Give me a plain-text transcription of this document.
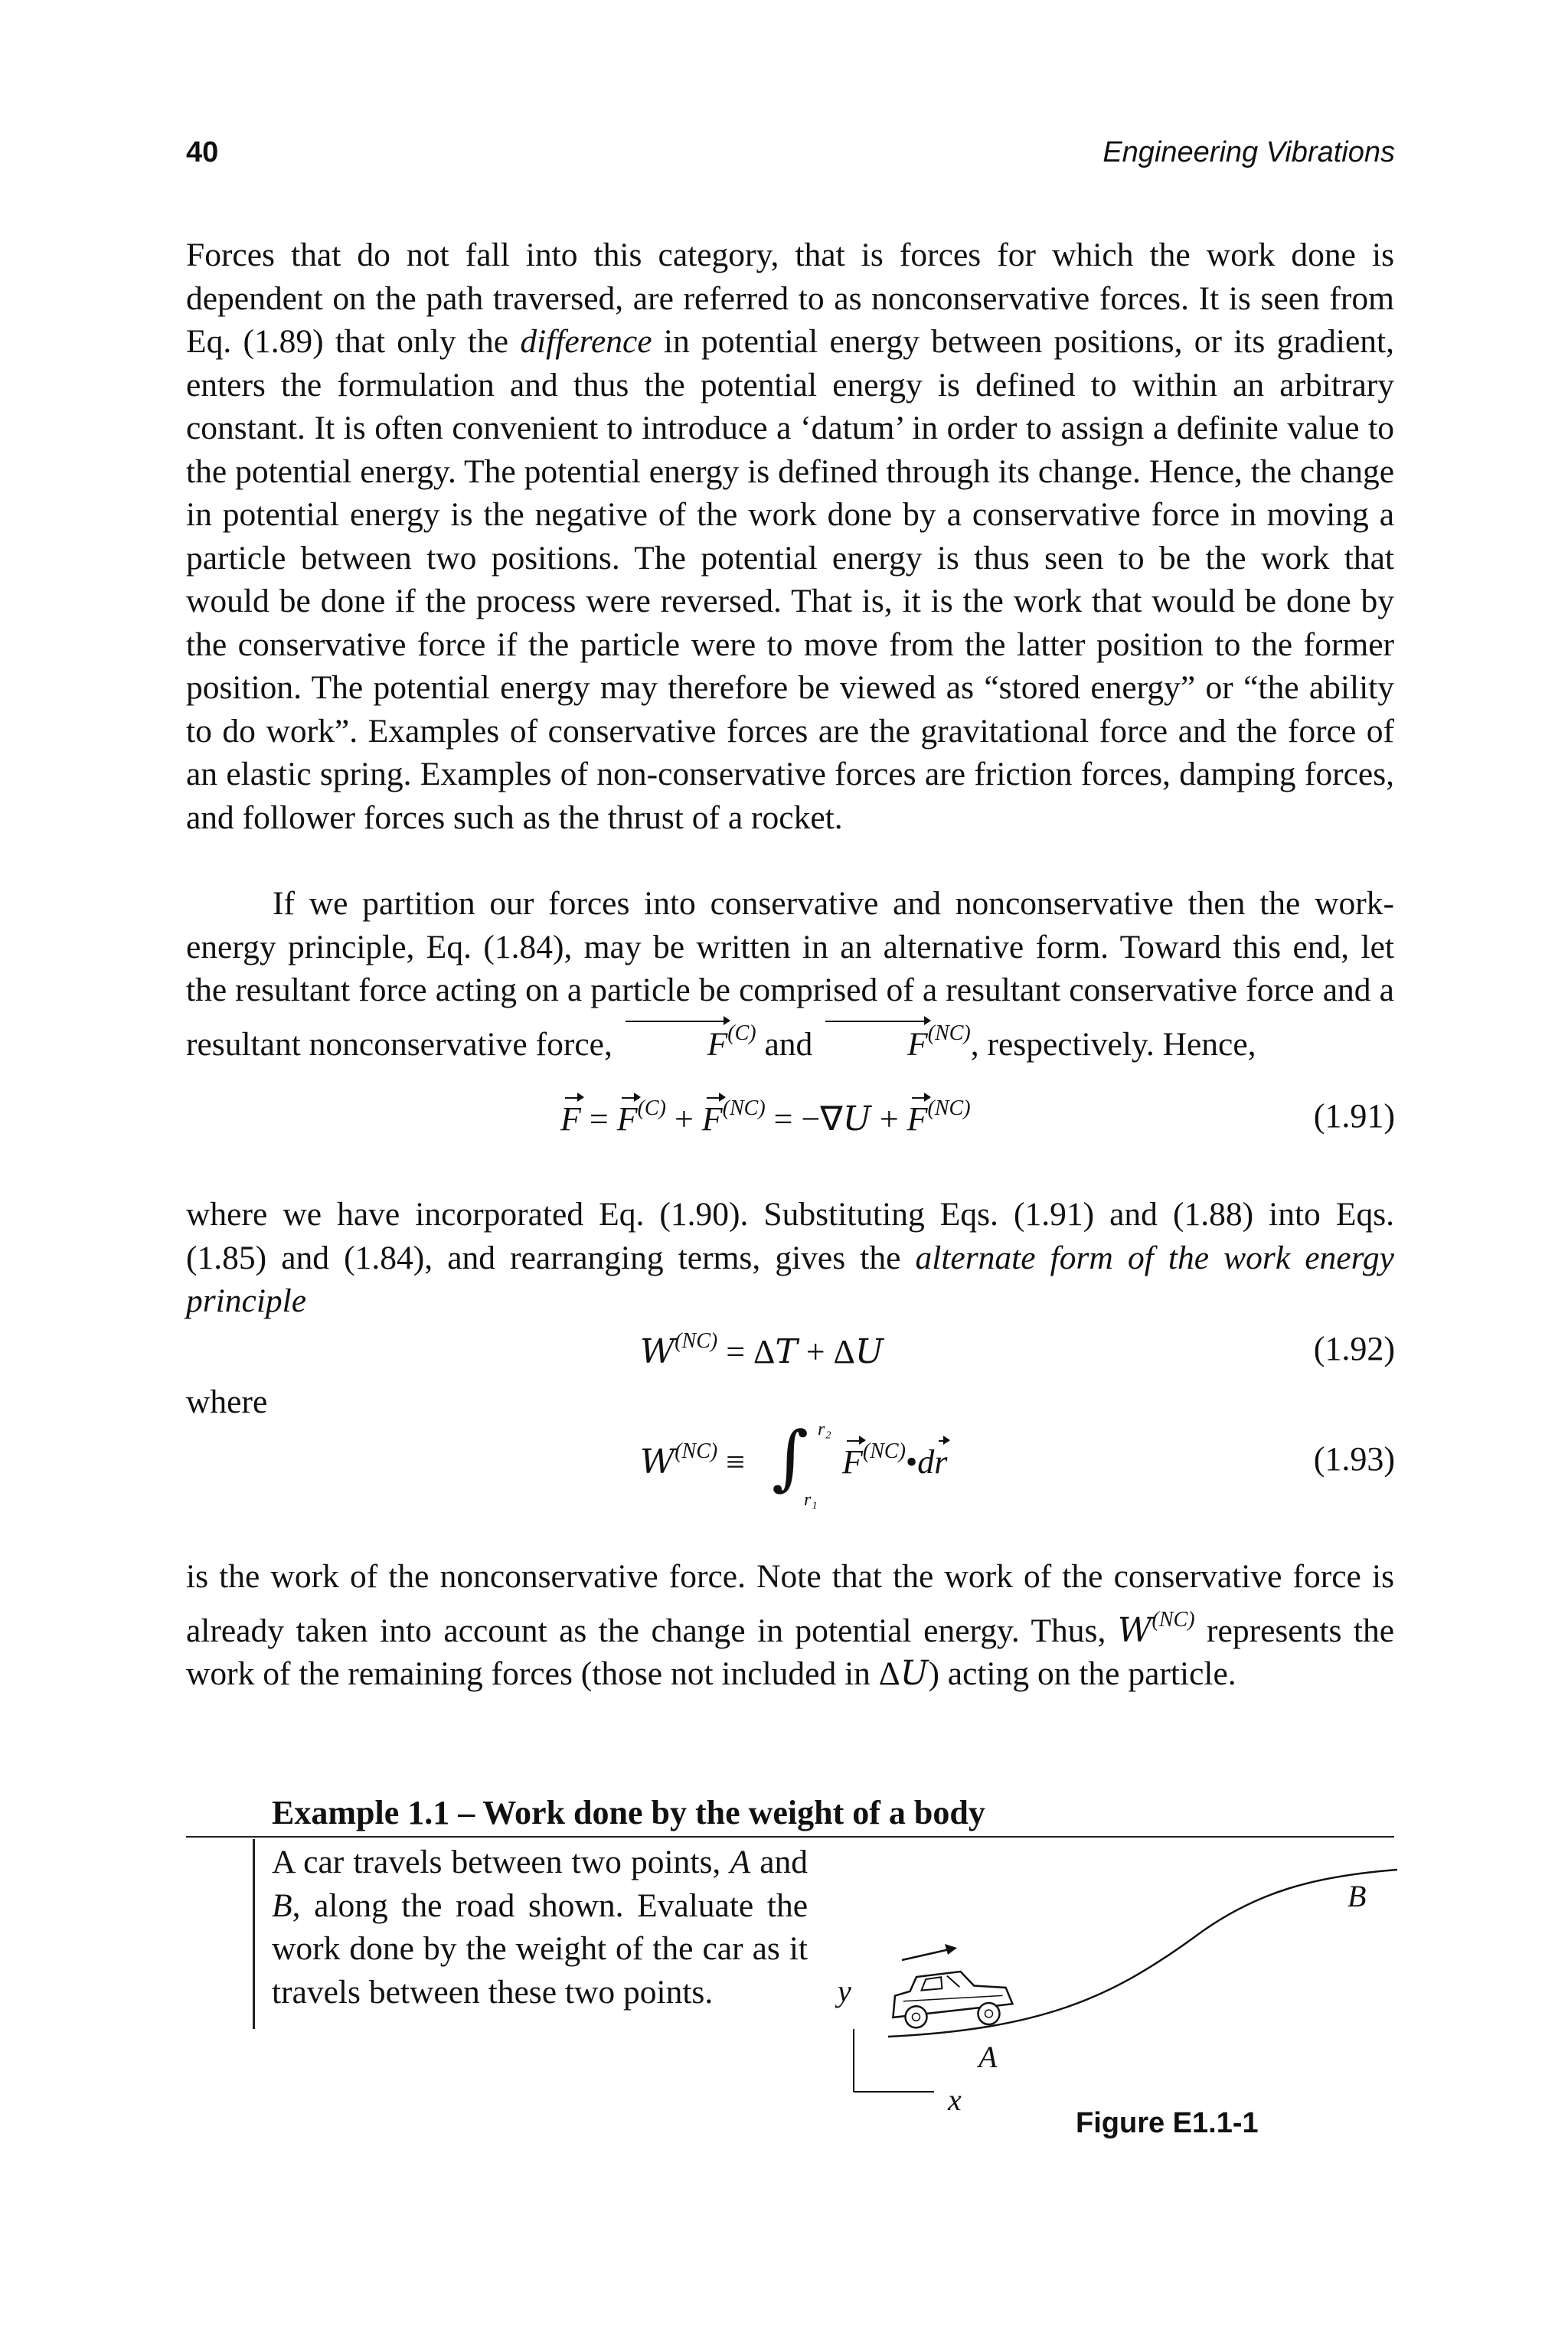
40	Engineering Vibrations
Forces that do not fall into this category, that is forces for which the work done is dependent on the path traversed, are referred to as nonconservative forces. It is seen from Eq. (1.89) that only the difference in potential energy between positions, or its gradient, enters the formulation and thus the potential energy is defined to within an arbitrary constant. It is often convenient to introduce a ‘datum’ in order to assign a definite value to the potential energy. The potential energy is defined through its change. Hence, the change in potential energy is the negative of the work done by a conservative force in moving a particle between two positions. The potential energy is thus seen to be the work that would be done if the process were reversed. That is, it is the work that would be done by the conservative force if the particle were to move from the latter position to the former position. The potential energy may therefore be viewed as “stored energy” or “the ability to do work”. Examples of conservative forces are the gravitational force and the force of an elastic spring. Examples of non-conservative forces are friction forces, damping forces, and follower forces such as the thrust of a rocket.
If we partition our forces into conservative and nonconservative then the work-energy principle, Eq. (1.84), may be written in an alternative form. Toward this end, let the resultant force acting on a particle be comprised of a resultant conservative force and a resultant nonconservative force,	$F^{(C)}$ and	$F^{(NC)}$, respectively. Hence,
$F = F^{(C)} + F^{(NC)} = -\nabla U + F^{(NC)}$	(1.91)
where we have incorporated Eq. (1.90). Substituting Eqs. (1.91) and (1.88) into Eqs. (1.85) and (1.84), and rearranging terms, gives the alternate form of the work energy principle
$W^{(NC)} = \Delta T + \Delta U$	(1.92)
where
$W^{(NC)}$ ≡ ∫ r₂
r₁
$F^{(NC)}•dr$	(1.93)
is the work of the nonconservative force. Note that the work of the conservative force is already taken into account as the change in potential energy. Thus, $W^{(NC)}$ represents the work of the remaining forces (those not included in ΔU) acting on the particle.
Example 1.1 – Work done by the weight of a body
A car travels between two points, A and B, along the road shown. Evaluate the work done by the weight of the car as it travels between these two points.	y
x
B
A
Figure E1.1-1
